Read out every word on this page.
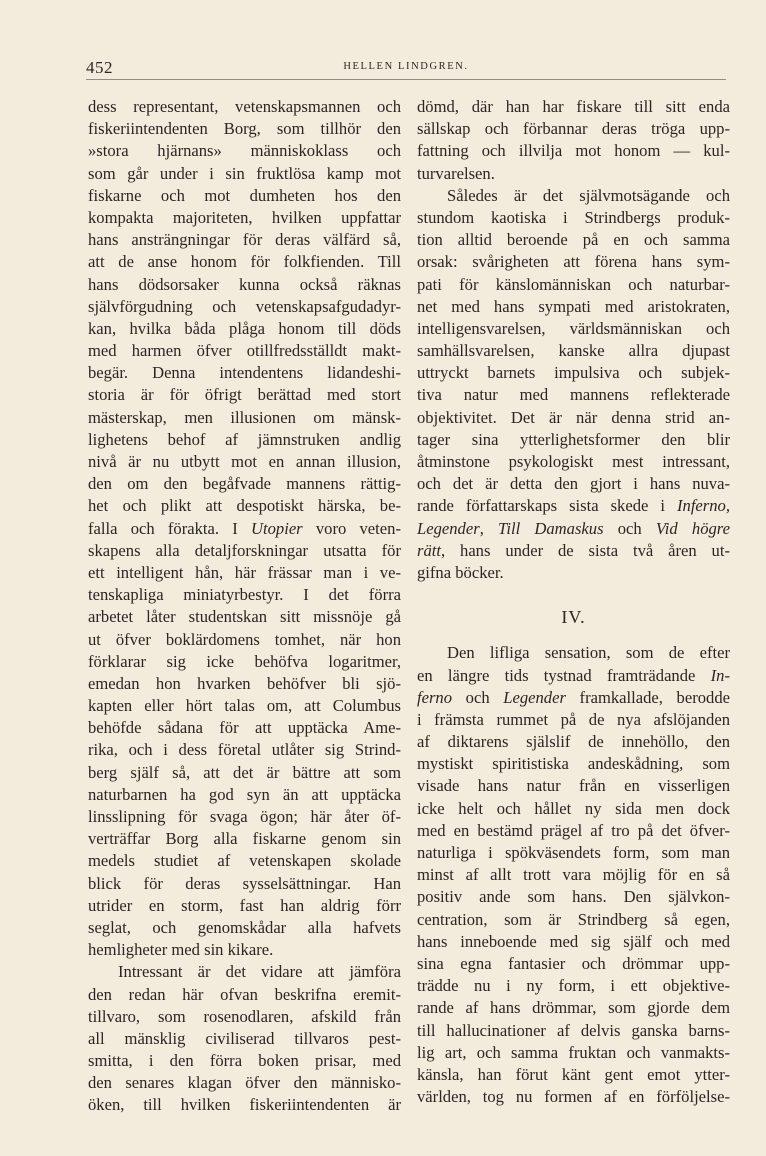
452	HELLEN LINDGREN.
dess representant, vetenskapsmannen och
fiskeriintendenten Borg, som tillhör den
»stora hjärnans» människoklass och
som går under i sin fruktlösa kamp mot
fiskarne och mot dumheten hos den
kompakta majoriteten, hvilken uppfattar
hans ansträngningar för deras välfärd så,
att de anse honom för folkfienden. Till
hans dödsorsaker kunna också räknas
självförgudning och vetenskapsafgudadyr-
kan, hvilka båda plåga honom till döds
med harmen öfver otillfredsställdt makt-
begär. Denna intendentens lidandeshi-
storia är för öfrigt berättad med stort
mästerskap, men illusionen om mänsk-
lighetens behof af jämnstruken andlig
nivå är nu utbytt mot en annan illusion,
den om den begåfvade mannens rättig-
het och plikt att despotiskt härska, be-
falla och förakta. I Utopier voro veten-
skapens alla detaljforskningar utsatta för
ett intelligent hån, här frässar man i ve-
tenskapliga miniatyrbestyr. I det förra
arbetet låter studentskan sitt missnöje gå
ut öfver boklärdomens tomhet, när hon
förklarar sig icke behöfva logaritmer,
emedan hon hvarken behöfver bli sjö-
kapten eller hört talas om, att Columbus
behöfde sådana för att upptäcka Ame-
rika, och i dess företal utlåter sig Strind-
berg själf så, att det är bättre att som
naturbarnen ha god syn än att upptäcka
linsslipning för svaga ögon; här åter öf-
verträffar Borg alla fiskarne genom sin
medels studiet af vetenskapen skolade
blick för deras sysselsättningar. Han
utrider en storm, fast han aldrig förr
seglat, och genomskådar alla hafvets
hemligheter med sin kikare.
Intressant är det vidare att jämföra
den redan här ofvan beskrifna eremit-
tillvaro, som rosenodlaren, afskild från
all mänsklig civiliserad tillvaros pest-
smitta, i den förra boken prisar, med
den senares klagan öfver den människo-
öken, till hvilken fiskeriintendenten är
dömd, där han har fiskare till sitt enda
sällskap och förbannar deras tröga upp-
fattning och illvilja mot honom — kul-
turvarelsen.
Således är det självmotsägande och
stundom kaotiska i Strindbergs produk-
tion alltid beroende på en och samma
orsak: svårigheten att förena hans sym-
pati för känslomänniskan och naturbar-
net med hans sympati med aristokraten,
intelligensvarelsen, världsmänniskan och
samhällsvarelsen, kanske allra djupast
uttryckt barnets impulsiva och subjek-
tiva natur med mannens reflekterade
objektivitet. Det är när denna strid an-
tager sina ytterlighetsformer den blir
åtminstone psykologiskt mest intressant,
och det är detta den gjort i hans nuva-
rande författarskaps sista skede i Inferno,
Legender, Till Damaskus och Vid högre
rätt, hans under de sista två åren ut-
gifna böcker.
IV.
Den lifliga sensation, som de efter
en längre tids tystnad framträdande In-
ferno och Legender framkallade, berodde
i främsta rummet på de nya afslöjanden
af diktarens själslif de innehöllo, den
mystiskt spiritistiska andeskådning, som
visade hans natur från en visserligen
icke helt och hållet ny sida men dock
med en bestämd prägel af tro på det öfver-
naturliga i spökväsendets form, som man
minst af allt trott vara möjlig för en så
positiv ande som hans. Den självkon-
centration, som är Strindberg så egen,
hans inneboende med sig själf och med
sina egna fantasier och drömmar upp-
trädde nu i ny form, i ett objektive-
rande af hans drömmar, som gjorde dem
till hallucinationer af delvis ganska barns-
lig art, och samma fruktan och vanmakts-
känsla, han förut känt gent emot ytter-
världen, tog nu formen af en förföljelse-
